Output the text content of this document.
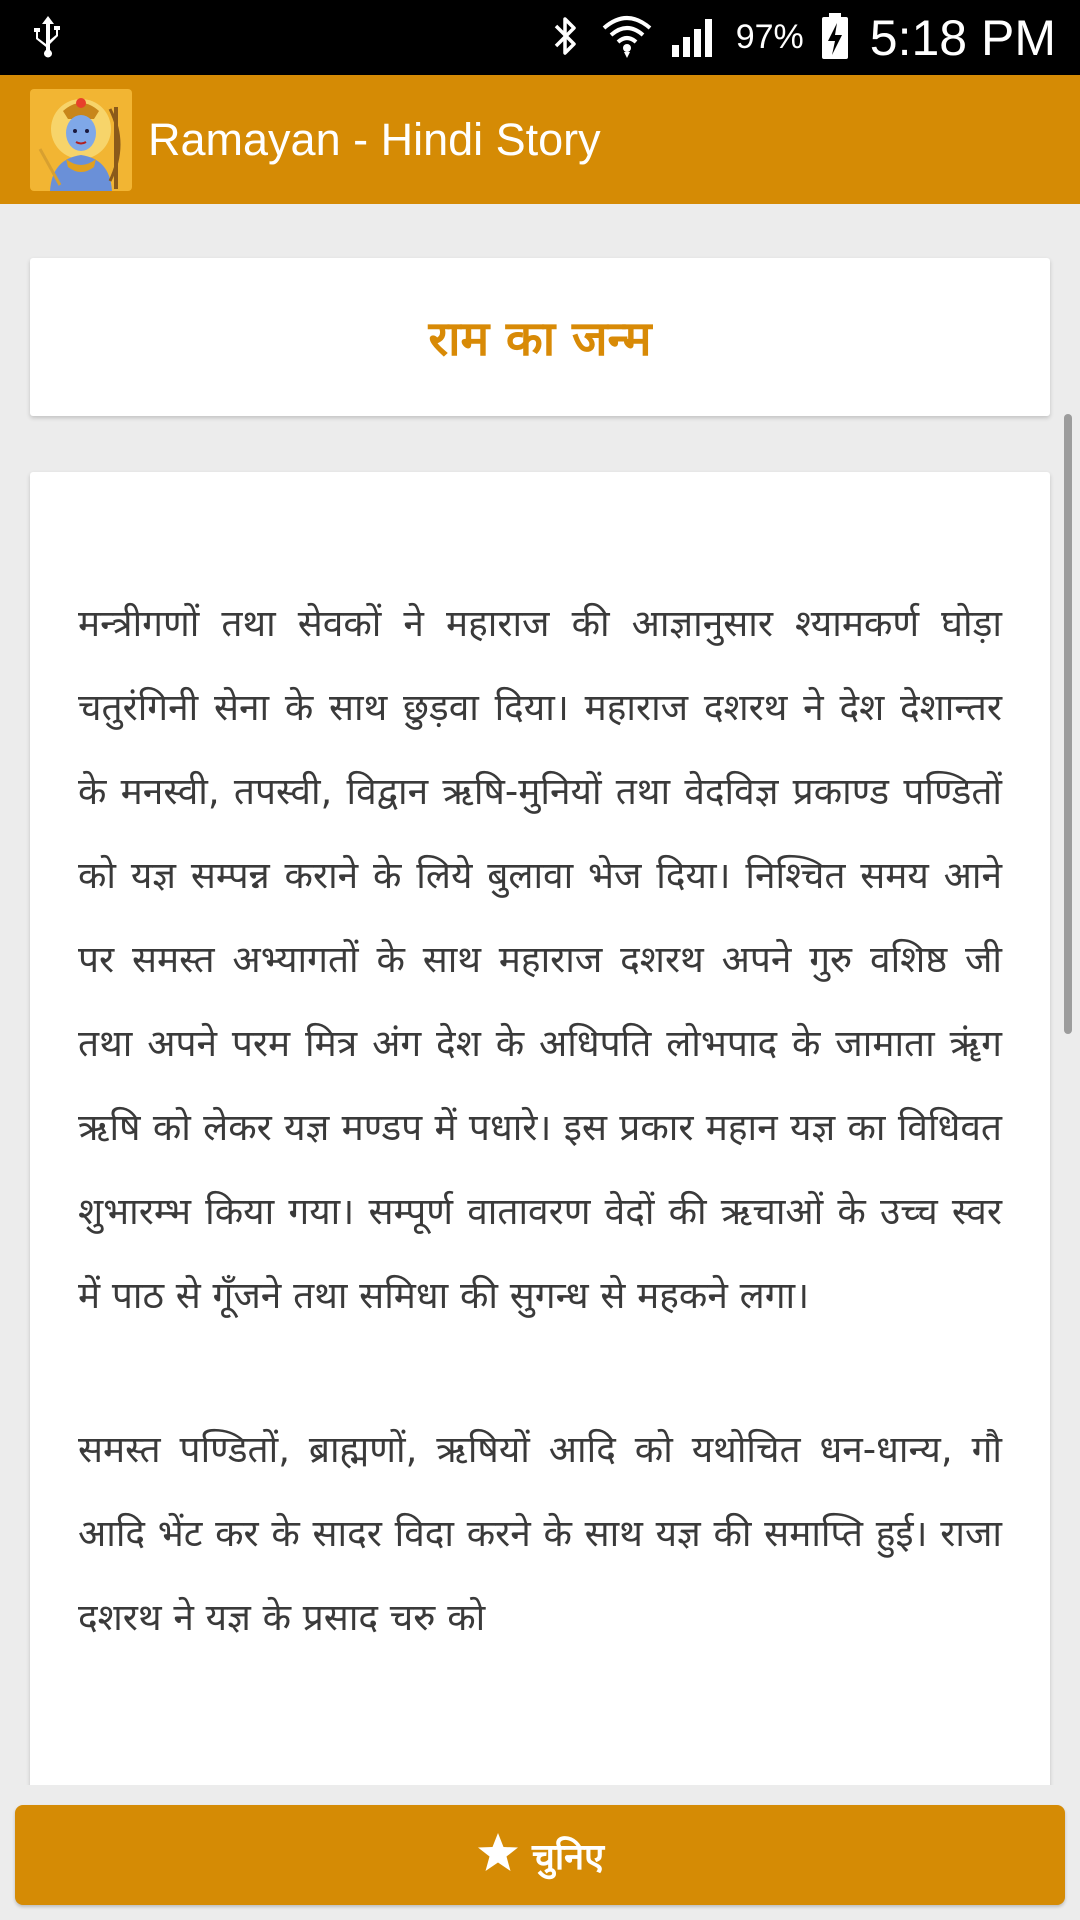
97% 5:18 PM
Ramayan - Hindi Story
राम का जन्म

मन्त्रीगणों तथा सेवकों ने महाराज की आज्ञानुसार श्यामकर्ण घोड़ा चतुरंगिनी सेना के साथ छुड़वा दिया। महाराज दशरथ ने देश देशान्तर के मनस्वी, तपस्वी, विद्वान ऋषि-मुनियों तथा वेदविज्ञ प्रकाण्ड पण्डितों को यज्ञ सम्पन्न कराने के लिये बुलावा भेज दिया। निश्चित समय आने पर समस्त अभ्यागतों के साथ महाराज दशरथ अपने गुरु वशिष्ठ जी तथा अपने परम मित्र अंग देश के अधिपति लोभपाद के जामाता ॠंग ऋषि को लेकर यज्ञ मण्डप में पधारे। इस प्रकार महान यज्ञ का विधिवत शुभारम्भ किया गया। सम्पूर्ण वातावरण वेदों की ऋचाओं के उच्च स्वर में पाठ से गूँजने तथा समिधा की सुगन्ध से महकने लगा।

समस्त पण्डितों, ब्राह्मणों, ऋषियों आदि को यथोचित धन-धान्य, गौ आदि भेंट कर के सादर विदा करने के साथ यज्ञ की समाप्ति हुई। राजा दशरथ ने यज्ञ के प्रसाद चरु को

चुनिए
